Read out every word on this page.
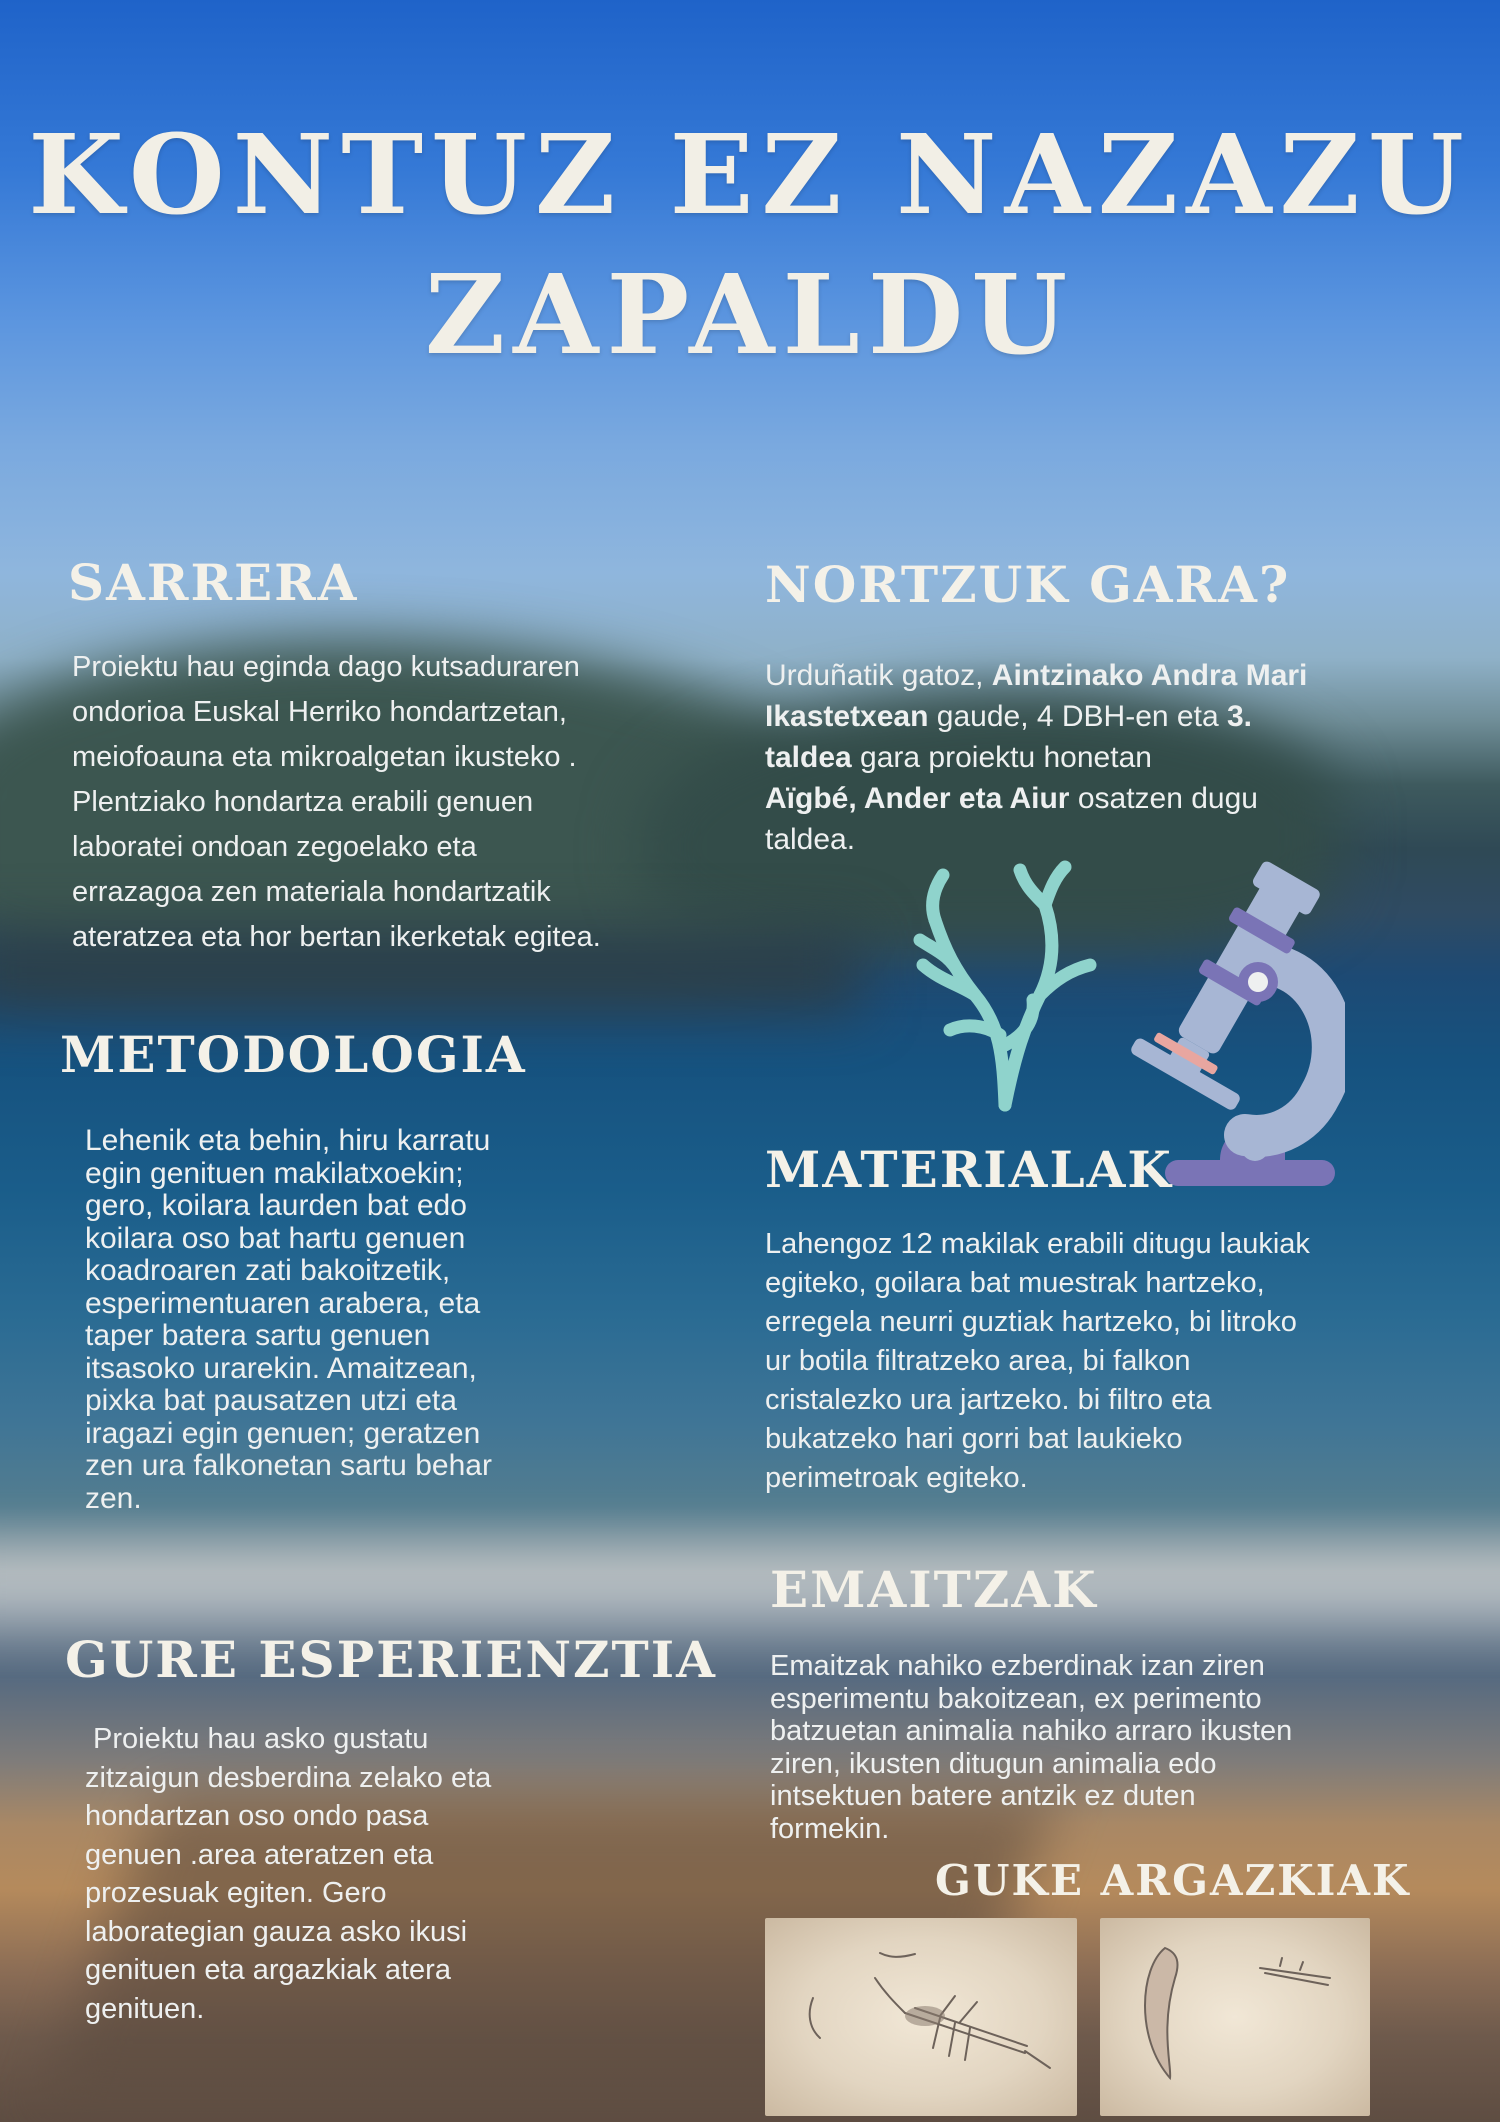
KONTUZ EZ NAZAZU
ZAPALDU
SARRERA
Proiektu hau eginda dago kutsaduraren
ondorioa Euskal Herriko hondartzetan,
meiofoauna eta mikroalgetan ikusteko .
Plentziako hondartza erabili genuen
laboratei ondoan zegoelako eta
errazagoa zen materiala hondartzatik
ateratzea eta hor bertan ikerketak egitea.
NORTZUK GARA?
Urduñatik gatoz, Aintzinako Andra Mari
Ikastetxean gaude, 4 DBH-en eta 3.
taldea gara proiektu honetan
Aïgbé, Ander eta Aiur osatzen dugu
taldea.
METODOLOGIA
Lehenik eta behin, hiru karratu
egin genituen makilatxoekin;
gero, koilara laurden bat edo
koilara oso bat hartu genuen
koadroaren zati bakoitzetik,
esperimentuaren arabera, eta
taper batera sartu genuen
itsasoko urarekin. Amaitzean,
pixka bat pausatzen utzi eta
iragazi egin genuen; geratzen
zen ura falkonetan sartu behar
zen.
MATERIALAK
Lahengoz 12 makilak erabili ditugu laukiak
egiteko, goilara bat muestrak hartzeko,
erregela neurri guztiak hartzeko, bi litroko
ur botila filtratzeko area, bi falkon
cristalezko ura jartzeko. bi filtro eta
bukatzeko hari gorri bat laukieko
perimetroak egiteko.
EMAITZAK
Emaitzak nahiko ezberdinak izan ziren
esperimentu bakoitzean, ex perimento
batzuetan animalia nahiko arraro ikusten
ziren, ikusten ditugun animalia edo
intsektuen batere antzik ez duten
formekin.
GURE ESPERIENZTIA
Proiektu hau asko gustatu
zitzaigun desberdina zelako eta
hondartzan oso ondo pasa
genuen .area ateratzen eta
prozesuak egiten. Gero
laborategian gauza asko ikusi
genituen eta argazkiak atera
genituen.
GUKE ARGAZKIAK
